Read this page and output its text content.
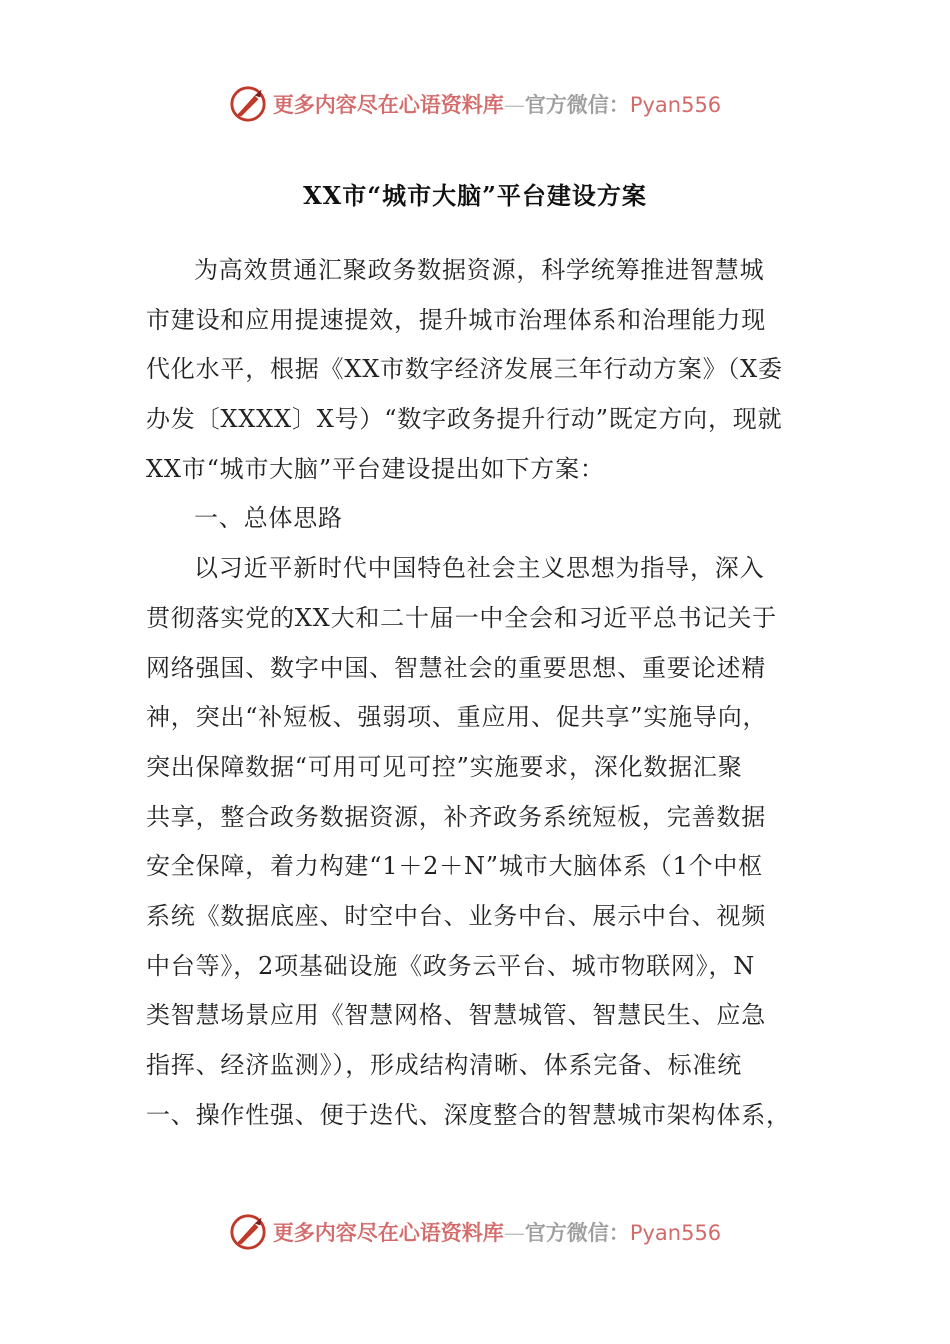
更多内容尽在心语资料库—官方微信：Pyan556
XX市“城市大脑”平台建设方案
为高效贯通汇聚政务数据资源，科学统筹推进智慧城
市建设和应用提速提效，提升城市治理体系和治理能力现
代化水平，根据《XX市数字经济发展三年行动方案》（X委
办发〔XXXX〕X号）“数字政务提升行动”既定方向，现就
XX市“城市大脑”平台建设提出如下方案：
一、总体思路
以习近平新时代中国特色社会主义思想为指导，深入
贯彻落实党的XX大和二十届一中全会和习近平总书记关于
网络强国、数字中国、智慧社会的重要思想、重要论述精
神，突出“补短板、强弱项、重应用、促共享”实施导向，
突出保障数据“可用可见可控”实施要求，深化数据汇聚
共享，整合政务数据资源，补齐政务系统短板，完善数据
安全保障，着力构建“1＋2＋N”城市大脑体系（1个中枢
系统《数据底座、时空中台、业务中台、展示中台、视频
中台等》，2项基础设施《政务云平台、城市物联网》，N
类智慧场景应用《智慧网格、智慧城管、智慧民生、应急
指挥、经济监测》），形成结构清晰、体系完备、标准统
一、操作性强、便于迭代、深度整合的智慧城市架构体系，
更多内容尽在心语资料库—官方微信：Pyan556
